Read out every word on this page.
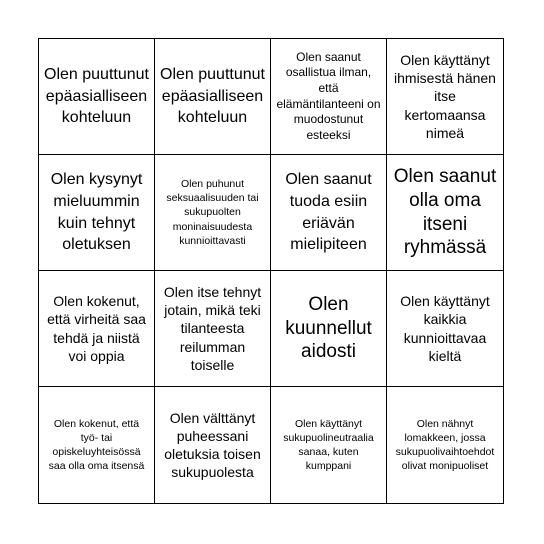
Olen puuttunut epäasialliseen kohteluun
Olen puuttunut epäasialliseen kohteluun
Olen saanut osallistua ilman, että elämäntilanteeni on muodostunut esteeksi
Olen käyttänyt ihmisestä hänen itse kertomaansa nimeä
Olen kysynyt mieluummin kuin tehnyt oletuksen
Olen puhunut seksuaalisuuden tai sukupuolten moninaisuudesta kunnioittavasti
Olen saanut tuoda esiin eriävän mielipiteen
Olen saanut olla oma itseni ryhmässä
Olen kokenut, että virheitä saa tehdä ja niistä voi oppia
Olen itse tehnyt jotain, mikä teki tilanteesta reilumman toiselle
Olen kuunnellut aidosti
Olen käyttänyt kaikkia kunnioittavaa kieltä
Olen kokenut, että työ- tai opiskeluyhteisössä saa olla oma itsensä
Olen välttänyt puheessani oletuksia toisen sukupuolesta
Olen käyttänyt sukupuolineutraalia sanaa, kuten kumppani
Olen nähnyt lomakkeen, jossa sukupuolivaihtoehdot olivat monipuoliset
